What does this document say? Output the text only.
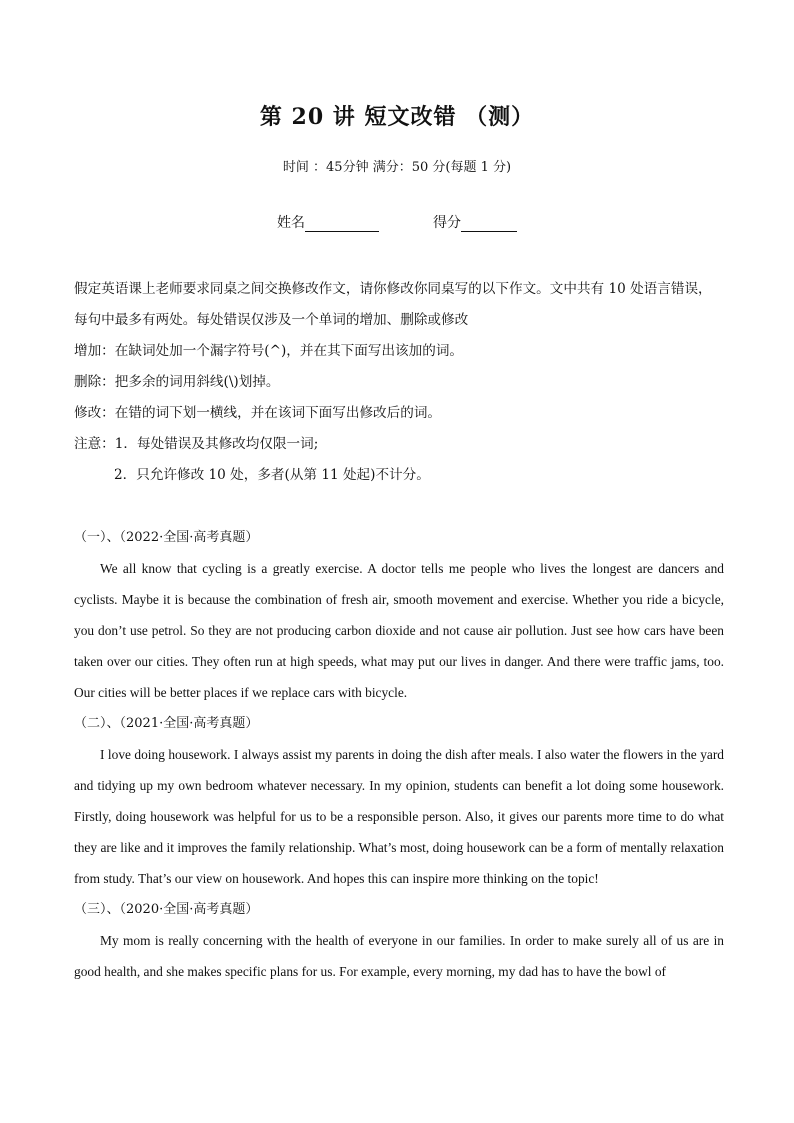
第 20 讲 短文改错 （测）
时间 ：45分钟 满分：50 分(每题 1 分)
姓名	得分

假定英语课上老师要求同桌之间交换修改作文，请你修改你同桌写的以下作文。文中共有 10 处语言错误，每句中最多有两处。每处错误仅涉及一个单词的增加、删除或修改

增加：在缺词处加一个漏字符号(^)，并在其下面写出该加的词。

删除：把多余的词用斜线(\)划掉。

修改：在错的词下划一横线，并在该词下面写出修改后的词。

注意：1．每处错误及其修改均仅限一词;

2．只允许修改 10 处，多者(从第 11 处起)不计分。

（一）、（2022·全国·高考真题）

We all know that cycling is a greatly exercise. A doctor tells me people who lives the longest are dancers and cyclists. Maybe it is because the combination of fresh air, smooth movement and exercise. Whether you ride a bicycle, you don’t use petrol. So they are not producing carbon dioxide and not cause air pollution. Just see how cars have been taken over our cities. They often run at high speeds, what may put our lives in danger. And there were traffic jams, too. Our cities will be better places if we replace cars with bicycle.

（二）、（2021·全国·高考真题）

I love doing housework. I always assist my parents in doing the dish after meals. I also water the flowers in the yard and tidying up my own bedroom whatever necessary. In my opinion, students can benefit a lot doing some housework. Firstly, doing housework was helpful for us to be a responsible person. Also, it gives our parents more time to do what they are like and it improves the family relationship. What’s most, doing housework can be a form of mentally relaxation from study. That’s our view on housework. And hopes this can inspire more thinking on the topic!

（三）、（2020·全国·高考真题）

My mom is really concerning with the health of everyone in our families. In order to make surely all of us are in good health, and she makes specific plans for us. For example, every morning, my dad has to have the bowl of
